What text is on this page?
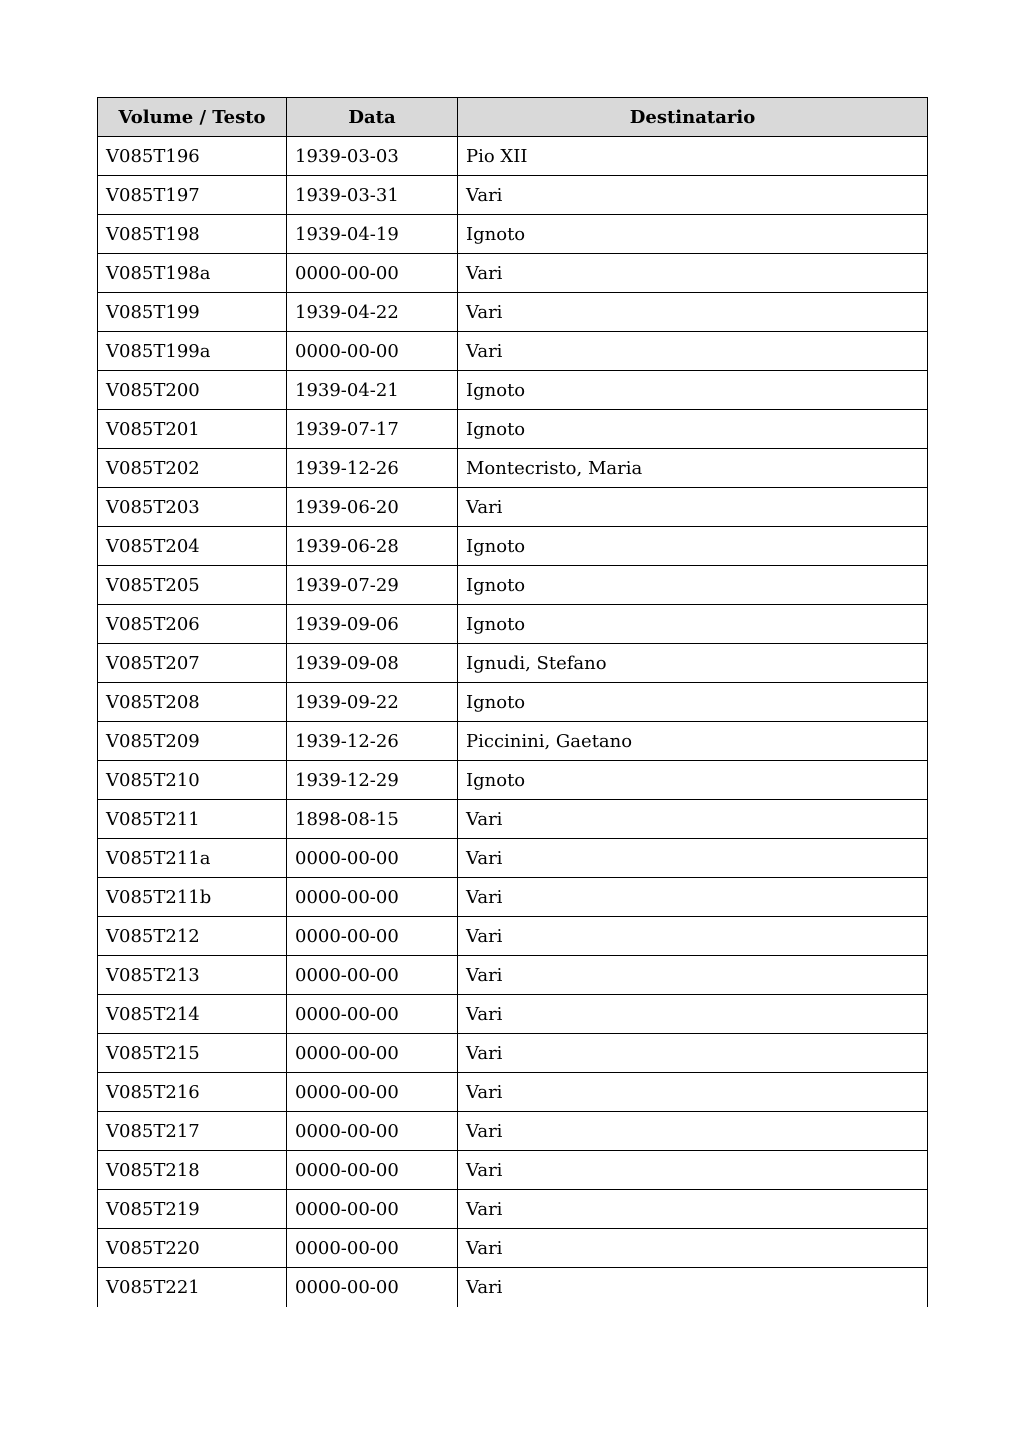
Volume / Testo	Data	Destinatario
V085T196	1939-03-03	Pio XII
V085T197	1939-03-31	Vari
V085T198	1939-04-19	Ignoto
V085T198a	0000-00-00	Vari
V085T199	1939-04-22	Vari
V085T199a	0000-00-00	Vari
V085T200	1939-04-21	Ignoto
V085T201	1939-07-17	Ignoto
V085T202	1939-12-26	Montecristo, Maria
V085T203	1939-06-20	Vari
V085T204	1939-06-28	Ignoto
V085T205	1939-07-29	Ignoto
V085T206	1939-09-06	Ignoto
V085T207	1939-09-08	Ignudi, Stefano
V085T208	1939-09-22	Ignoto
V085T209	1939-12-26	Piccinini, Gaetano
V085T210	1939-12-29	Ignoto
V085T211	1898-08-15	Vari
V085T211a	0000-00-00	Vari
V085T211b	0000-00-00	Vari
V085T212	0000-00-00	Vari
V085T213	0000-00-00	Vari
V085T214	0000-00-00	Vari
V085T215	0000-00-00	Vari
V085T216	0000-00-00	Vari
V085T217	0000-00-00	Vari
V085T218	0000-00-00	Vari
V085T219	0000-00-00	Vari
V085T220	0000-00-00	Vari
V085T221	0000-00-00	Vari
